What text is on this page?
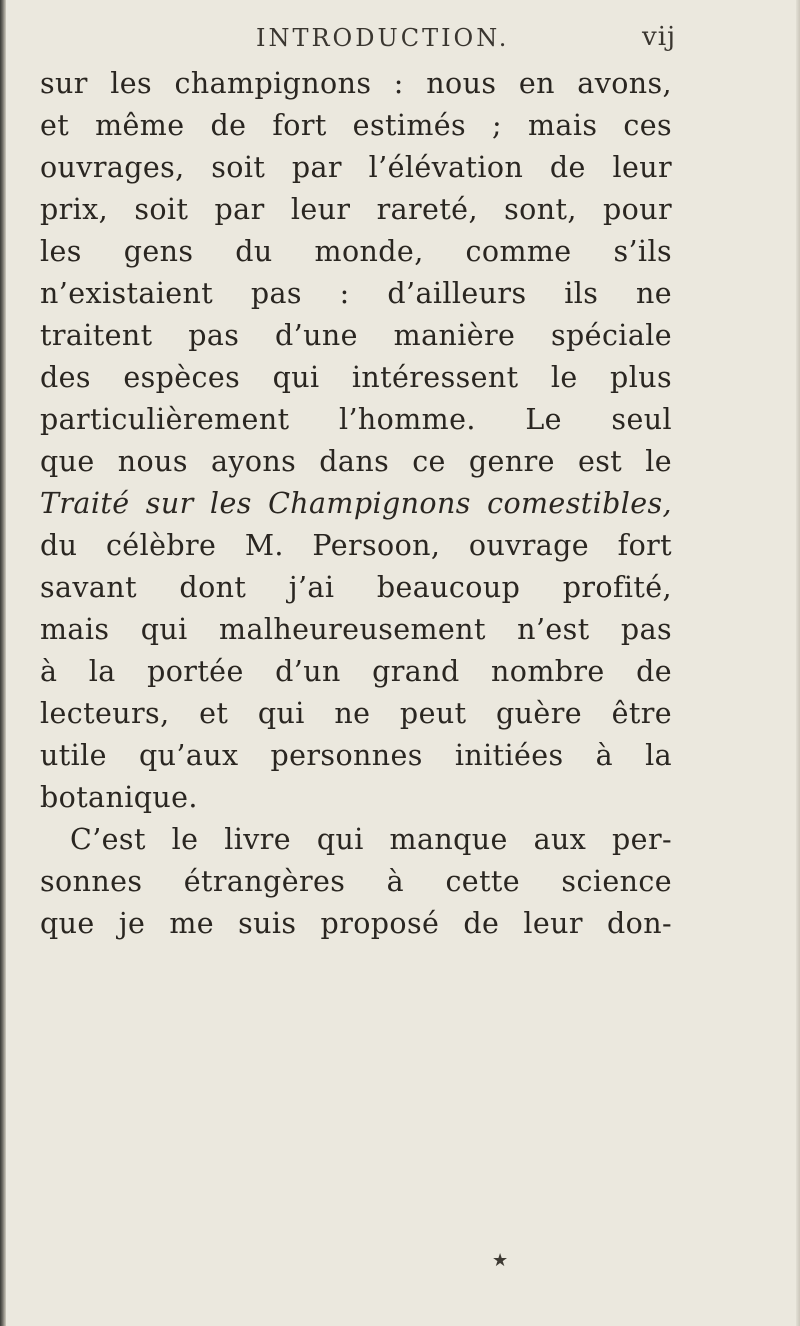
INTRODUCTION.	vij
sur les champignons : nous en avons,
et même de fort estimés ; mais ces
ouvrages, soit par l’élévation de leur
prix, soit par leur rareté, sont, pour
les gens du monde, comme s’ils
n’existaient pas : d’ailleurs ils ne
traitent pas d’une manière spéciale
des espèces qui intéressent le plus
particulièrement l’homme. Le seul
que nous ayons dans ce genre est le
Traité sur les Champignons comestibles,
du célèbre M. Persoon, ouvrage fort
savant dont j’ai beaucoup profité,
mais qui malheureusement n’est pas
à la portée d’un grand nombre de
lecteurs, et qui ne peut guère être
utile qu’aux personnes initiées à la
botanique.
C’est le livre qui manque aux per-
sonnes étrangères à cette science
que je me suis proposé de leur don-
★
